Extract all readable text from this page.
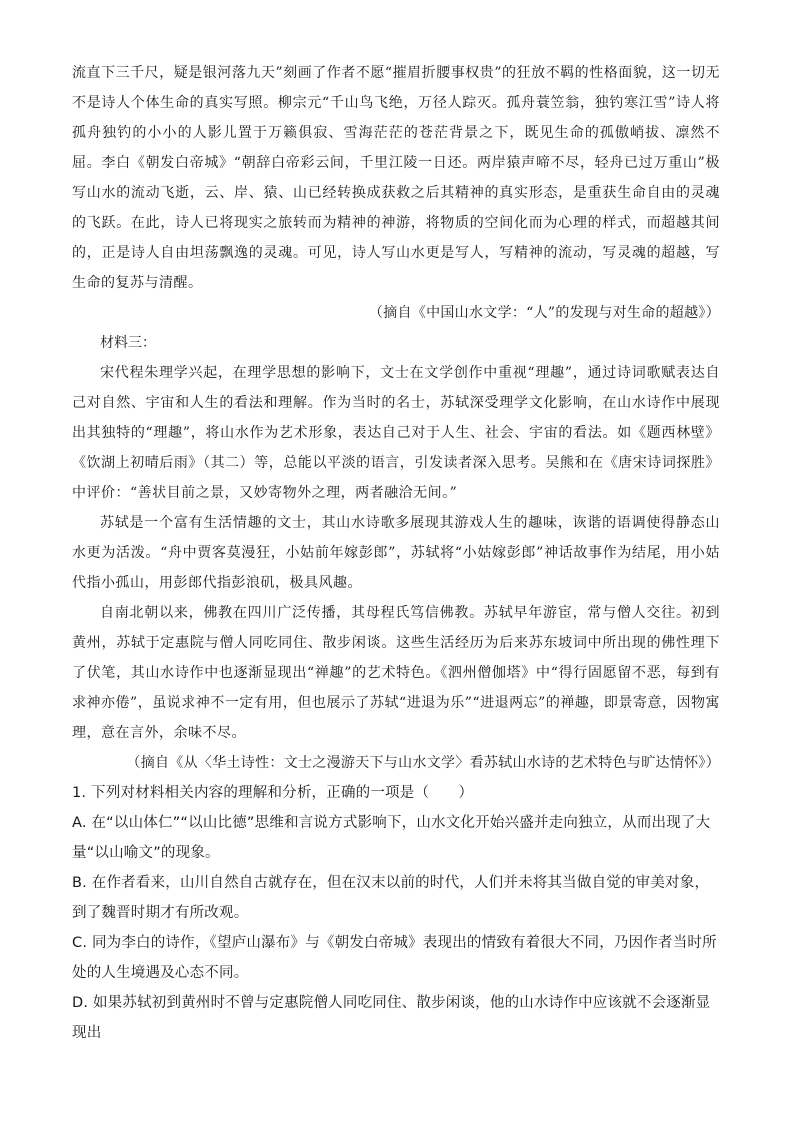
流直下三千尺，疑是银河落九天”刻画了作者不愿“摧眉折腰事权贵”的狂放不羁的性格面貌，这一切无不是诗人个体生命的真实写照。柳宗元“千山鸟飞绝，万径人踪灭。孤舟蓑笠翁，独钓寒江雪”诗人将孤舟独钓的小小的人影儿置于万籁俱寂、雪海茫茫的苍茫背景之下，既见生命的孤傲峭拔、凛然不屈。李白《朝发白帝城》“朝辞白帝彩云间，千里江陵一日还。两岸猿声啼不尽，轻舟已过万重山”极写山水的流动飞逝，云、岸、猿、山已经转换成获救之后其精神的真实形态，是重获生命自由的灵魂的飞跃。在此，诗人已将现实之旅转而为精神的神游，将物质的空间化而为心理的样式，而超越其间的，正是诗人自由坦荡飘逸的灵魂。可见，诗人写山水更是写人，写精神的流动，写灵魂的超越，写生命的复苏与清醒。

（摘自《中国山水文学：“人”的发现与对生命的超越》）

材料三：

宋代程朱理学兴起，在理学思想的影响下，文士在文学创作中重视“理趣”，通过诗词歌赋表达自己对自然、宇宙和人生的看法和理解。作为当时的名士，苏轼深受理学文化影响，在山水诗作中展现出其独特的“理趣”，将山水作为艺术形象，表达自己对于人生、社会、宇宙的看法。如《题西林壁》《饮湖上初晴后雨》（其二）等，总能以平淡的语言，引发读者深入思考。吴熊和在《唐宋诗词探胜》中评价：“善状目前之景，又妙寄物外之理，两者融洽无间。”

苏轼是一个富有生活情趣的文士，其山水诗歌多展现其游戏人生的趣味，诙谐的语调使得静态山水更为活泼。“舟中贾客莫漫狂，小姑前年嫁彭郎”，苏轼将“小姑嫁彭郎”神话故事作为结尾，用小姑代指小孤山，用彭郎代指彭浪矶，极具风趣。

自南北朝以来，佛教在四川广泛传播，其母程氏笃信佛教。苏轼早年游宦，常与僧人交往。初到黄州，苏轼于定惠院与僧人同吃同住、散步闲谈。这些生活经历为后来苏东坡词中所出现的佛性理下了伏笔，其山水诗作中也逐渐显现出“禅趣”的艺术特色。《泗州僧伽塔》中“得行固愿留不恶，每到有求神亦倦”，虽说求神不一定有用，但也展示了苏轼“进退为乐”“进退两忘”的禅趣，即景寄意，因物寓理，意在言外，余味不尽。

（摘自《从〈华土诗性：文士之漫游天下与山水文学〉看苏轼山水诗的艺术特色与旷达情怀》）

1. 下列对材料相关内容的理解和分析，正确的一项是（　　）

A. 在“以山体仁”“以山比德”思维和言说方式影响下，山水文化开始兴盛并走向独立，从而出现了大量“以山喻文”的现象。

B. 在作者看来，山川自然自古就存在，但在汉末以前的时代，人们并未将其当做自觉的审美对象，到了魏晋时期才有所改观。

C. 同为李白的诗作，《望庐山瀑布》与《朝发白帝城》表现出的情致有着很大不同，乃因作者当时所处的人生境遇及心态不同。

D. 如果苏轼初到黄州时不曾与定惠院僧人同吃同住、散步闲谈，他的山水诗作中应该就不会逐渐显现出
